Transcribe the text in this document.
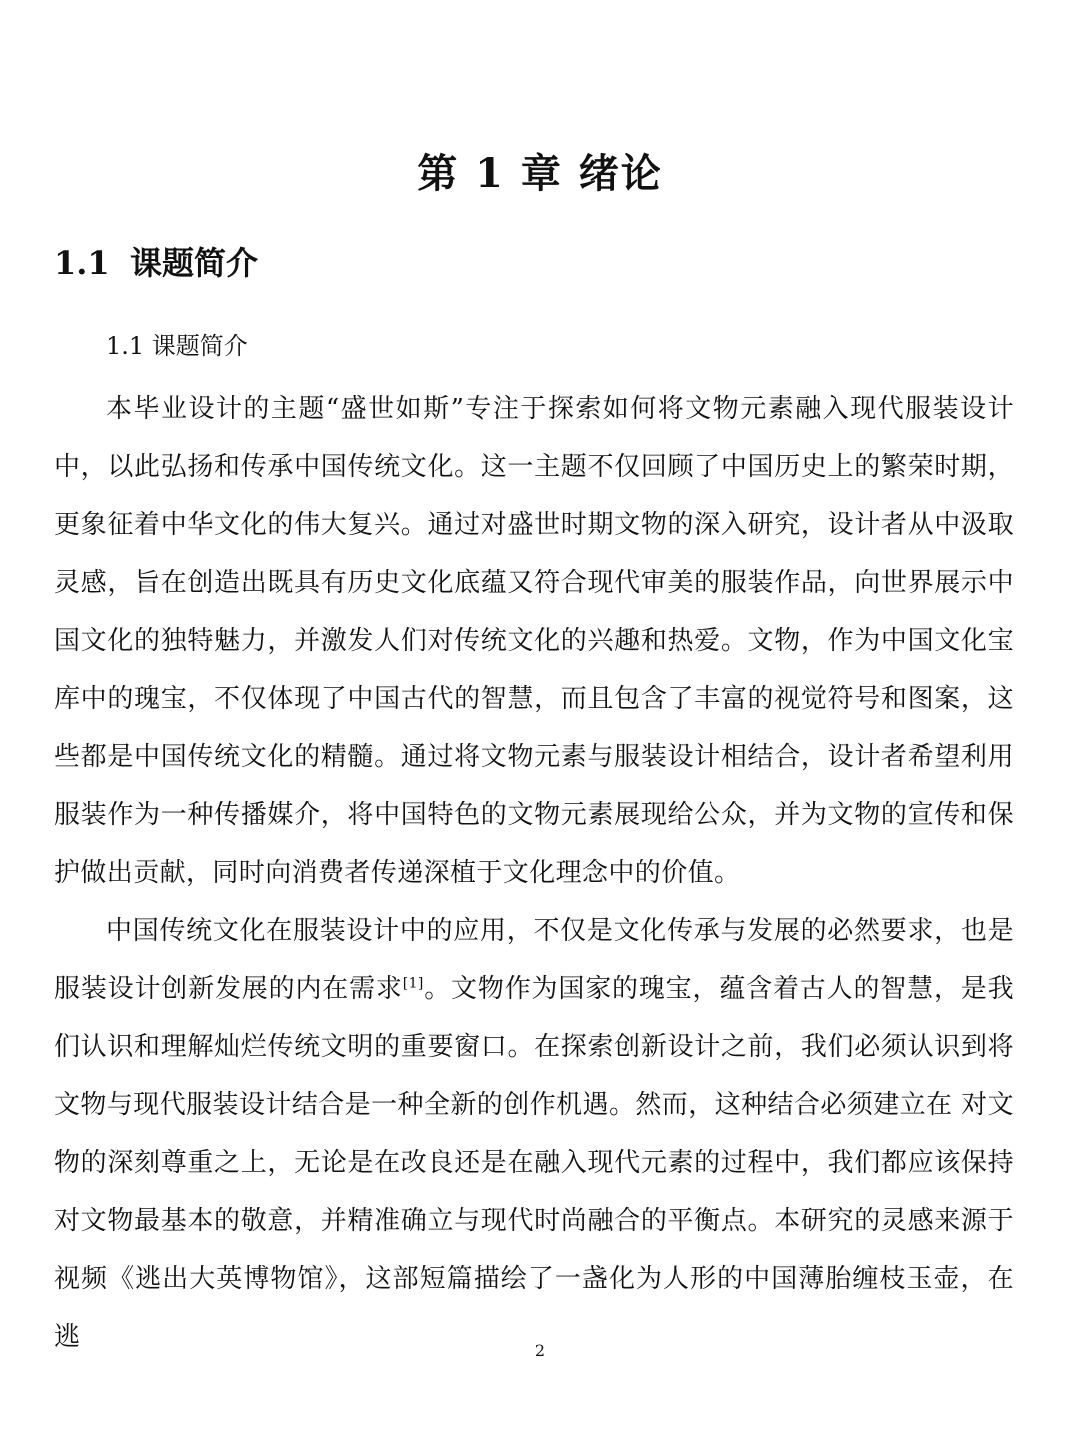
第 1 章 绪论
1.1 课题简介

1.1 课题简介

本毕业设计的主题“盛世如斯”专注于探索如何将文物元素融入现代服装设计中，以此弘扬和传承中国传统文化。这一主题不仅回顾了中国历史上的繁荣时期，更象征着中华文化的伟大复兴。通过对盛世时期文物的深入研究，设计者从中汲取灵感，旨在创造出既具有历史文化底蕴又符合现代审美的服装作品，向世界展示中国文化的独特魅力，并激发人们对传统文化的兴趣和热爱。文物，作为中国文化宝库中的瑰宝，不仅体现了中国古代的智慧，而且包含了丰富的视觉符号和图案，这些都是中国传统文化的精髓。通过将文物元素与服装设计相结合，设计者希望利用服装作为一种传播媒介，将中国特色的文物元素展现给公众，并为文物的宣传和保护做出贡献，同时向消费者传递深植于文化理念中的价值。

中国传统文化在服装设计中的应用，不仅是文化传承与发展的必然要求，也是服装设计创新发展的内在需求[1]。文物作为国家的瑰宝，蕴含着古人的智慧，是我们认识和理解灿烂传统文明的重要窗口。在探索创新设计之前，我们必须认识到将文物与现代服装设计结合是一种全新的创作机遇。然而，这种结合必须建立在 对文物的深刻尊重之上，无论是在改良还是在融入现代元素的过程中，我们都应该保持对文物最基本的敬意，并精准确立与现代时尚融合的平衡点。本研究的灵感来源于视频《逃出大英博物馆》，这部短篇描绘了一盏化为人形的中国薄胎缠枝玉壶，在逃	2
